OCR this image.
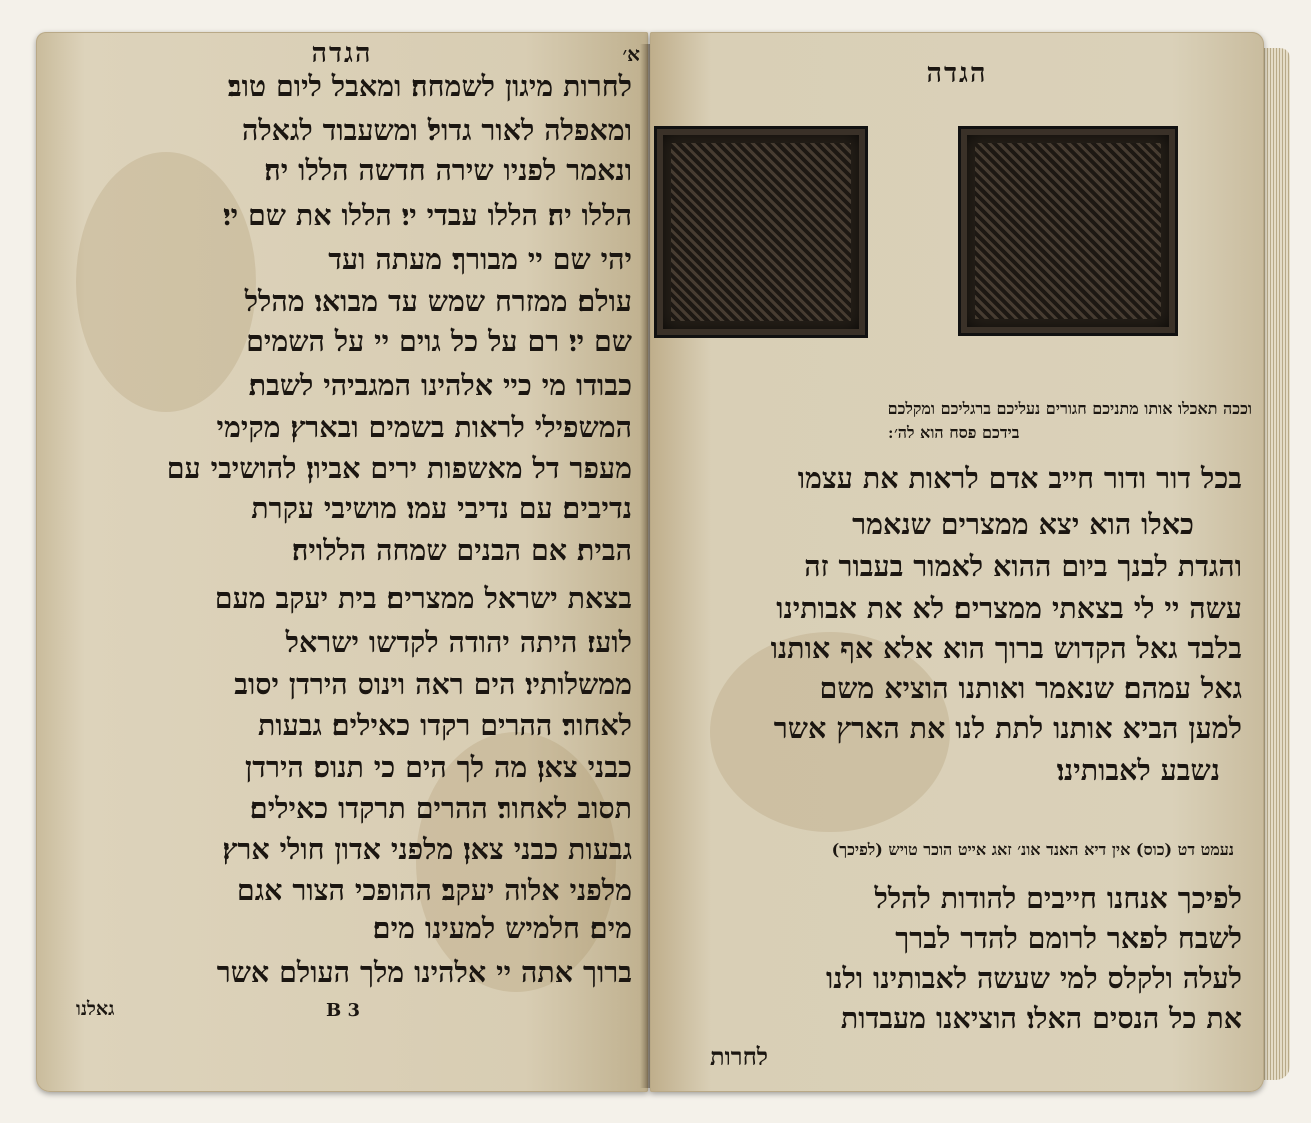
הגדה	א׳
לחרות מיגון לשמחה׃ ומאבל ליום טוב׃
ומאפלה לאור גדול׃ ומשעבוד לגאלה
ונאמר לפניו שירה חדשה הללו יה׃
הללו יה׃ הללו עבדי יי׃ הללו את שם יי׃
יהי שם יי מבורך׃ מעתה ועד
עולם׃ ממזרח שמש עד מבואו׃ מהלל
שם יי׃ רם על כל גוים יי על השמים
כבודו מי כיי אלהינו המגביהי לשבת׃
המשפילי לראות בשמים ובארץ׃ מקימי
מעפר דל מאשפות ירים אביון׃ להושיבי עם
נדיבים׃ עם נדיבי עמו׃ מושיבי עקרת
הבית׃ אם הבנים שמחה הללויה׃
בצאת ישראל ממצרים׃ בית יעקב מעם
לועז׃ היתה יהודה לקדשו ישראל
ממשלותיו׃ הים ראה וינוס הירדן יסוב
לאחור׃ ההרים רקדו כאילים׃ גבעות
כבני צאן׃ מה לך הים כי תנוס׃ הירדן
תסוב לאחור׃ ההרים תרקדו כאילים׃
גבעות כבני צאן׃ מלפני אדון חולי ארץ׃
מלפני אלוה יעקב׃ ההופכי הצור אגם
מים׃ חלמיש למעינו מים׃
ברוך אתה יי אלהינו מלך העולם אשר
B 3
גאלנו
הגדה
וככה תאכלו אותו מתניכם חגורים נעליכם ברגליכם ומקלכם
בידכם פסח הוא לה׳ ׃
בכל דור ודור חייב אדם לראות את עצמו
כאלו הוא יצא ממצרים שנאמר
והגדת לבנך ביום ההוא לאמור בעבור זה
עשה יי לי בצאתי ממצרים׃ לא את אבותינו
בלבד גאל הקדוש ברוך הוא אלא אף אותנו
גאל עמהם׃ שנאמר ואותנו הוציא משם
למען הביא אותנו לתת לנו את הארץ אשר
נשבע לאבותינו׃
נעמט דט (כוס) אין דיא האנד אונ׳ זאג אייט הוכר טויש (לפיכך)
לפיכך אנחנו חייבים להודות להלל
לשבח לפאר לרומם להדר לברך
לעלה ולקלס למי שעשה לאבותינו ולנו
את כל הנסים האלו׃ הוציאנו מעבדות
לחרות
